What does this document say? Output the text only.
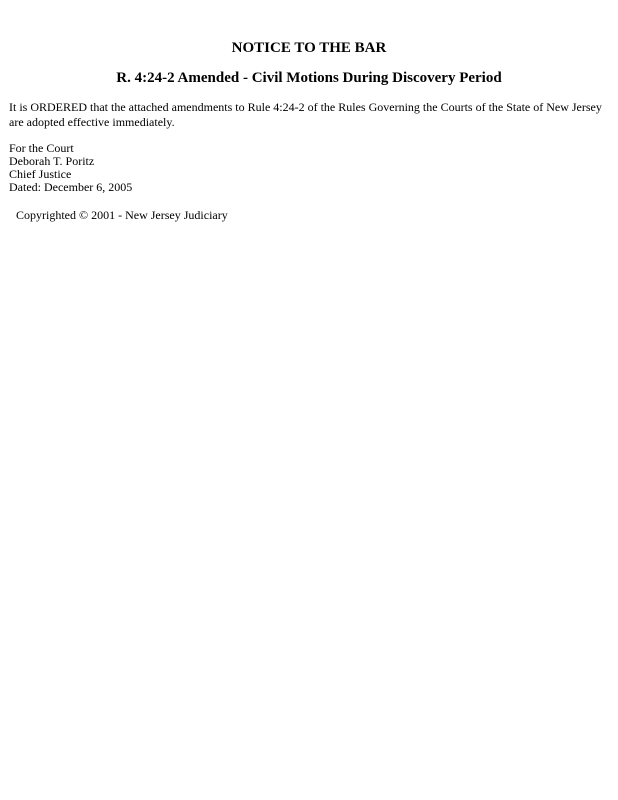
NOTICE TO THE BAR
R. 4:24-2 Amended - Civil Motions During Discovery Period

It is ORDERED that the attached amendments to Rule 4:24-2 of the Rules Governing the Courts of the State of New Jersey are adopted effective immediately.

For the Court
Deborah T. Poritz
Chief Justice
Dated: December 6, 2005

Copyrighted © 2001 - New Jersey Judiciary
